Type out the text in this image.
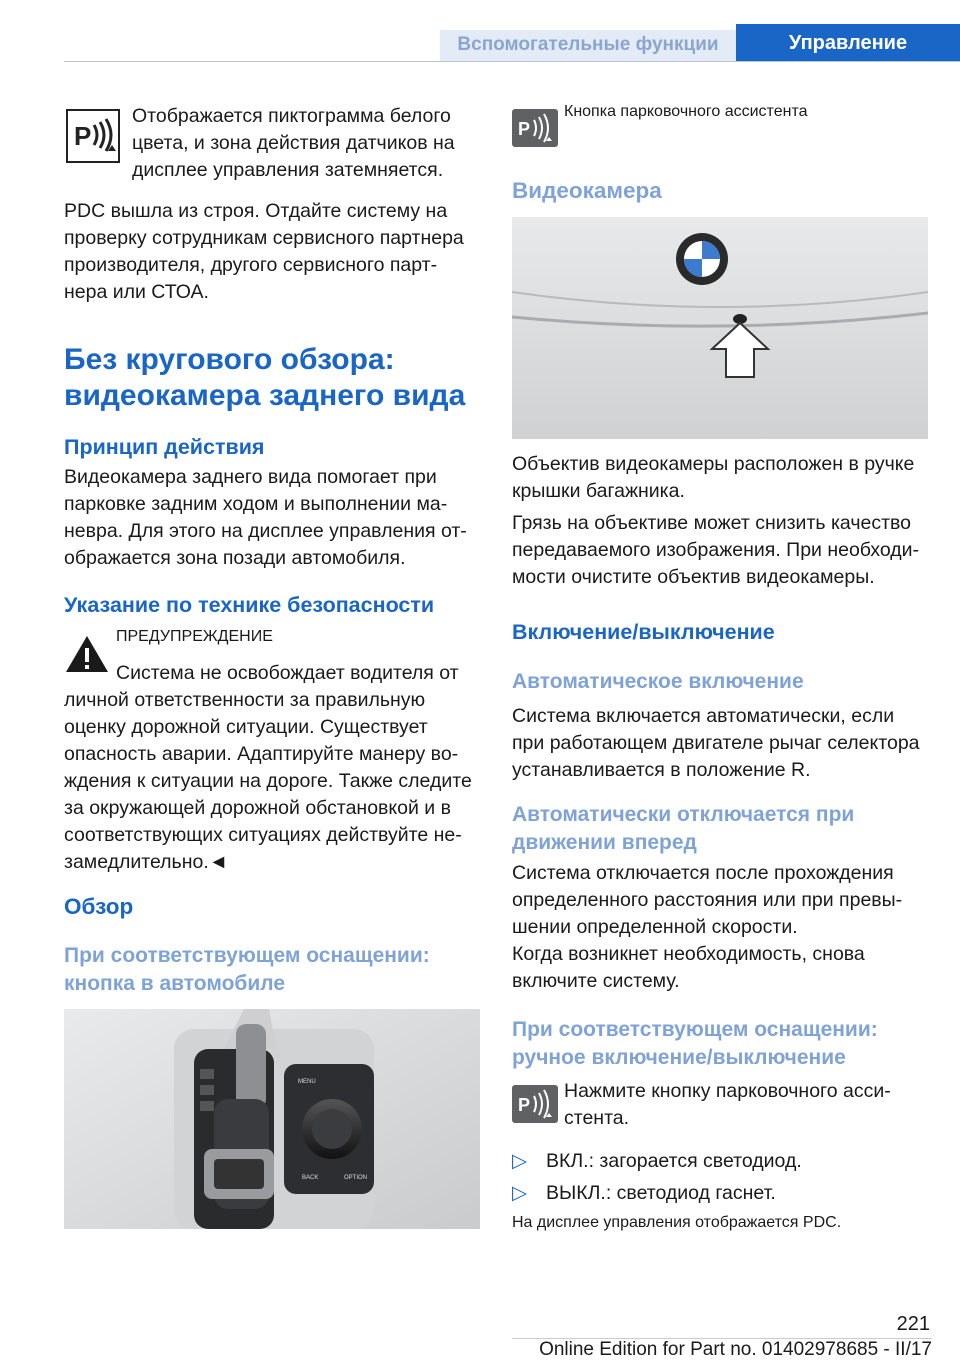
Вспомогательные функции	Управление
P

Отображается пиктограмма белого

цвета, и зона действия датчиков на

дисплее управления затемняется.

PDC вышла из строя. Отдайте систему на

проверку сотрудникам сервисного партнера

производителя, другого сервисного парт-

нера или СТОА.

Без кругового обзора:
видеокамера заднего вида
Принцип действия

Видеокамера заднего вида помогает при

парковке задним ходом и выполнении ма-

невра. Для этого на дисплее управления от-

ображается зона позади автомобиля.

Указание по технике безопасности
ПРЕДУПРЕЖДЕНИЕ

Система не освобождает водителя от

личной ответственности за правильную

оценку дорожной ситуации. Существует

опасность аварии. Адаптируйте манеру во-

ждения к ситуации на дороге. Также следите

за окружающей дорожной обстановкой и в

соответствующих ситуациях действуйте не-

замедлительно.◄

Обзор
При соответствующем оснащении:
кнопка в автомобиле
MENU
BACK	OPTION
P
Кнопка парковочного ассистента
Видеокамера

Объектив видеокамеры расположен в ручке

крышки багажника.

Грязь на объективе может снизить качество

передаваемого изображения. При необходи-

мости очистите объектив видеокамеры.

Включение/выключение
Автоматическое включение

Система включается автоматически, если

при работающем двигателе рычаг селектора

устанавливается в положение R.

Автоматически отключается при
движении вперед

Система отключается после прохождения

определенного расстояния или при превы-

шении определенной скорости.

Когда возникнет необходимость, снова

включите систему.

При соответствующем оснащении:
ручное включение/выключение
P

Нажмите кнопку парковочного асси-

стента.

▷ ВКЛ.: загорается светодиод.
▷ ВЫКЛ.: светодиод гаснет.
На дисплее управления отображается PDC.
221
Online Edition for Part no. 01402978685 - II/17
